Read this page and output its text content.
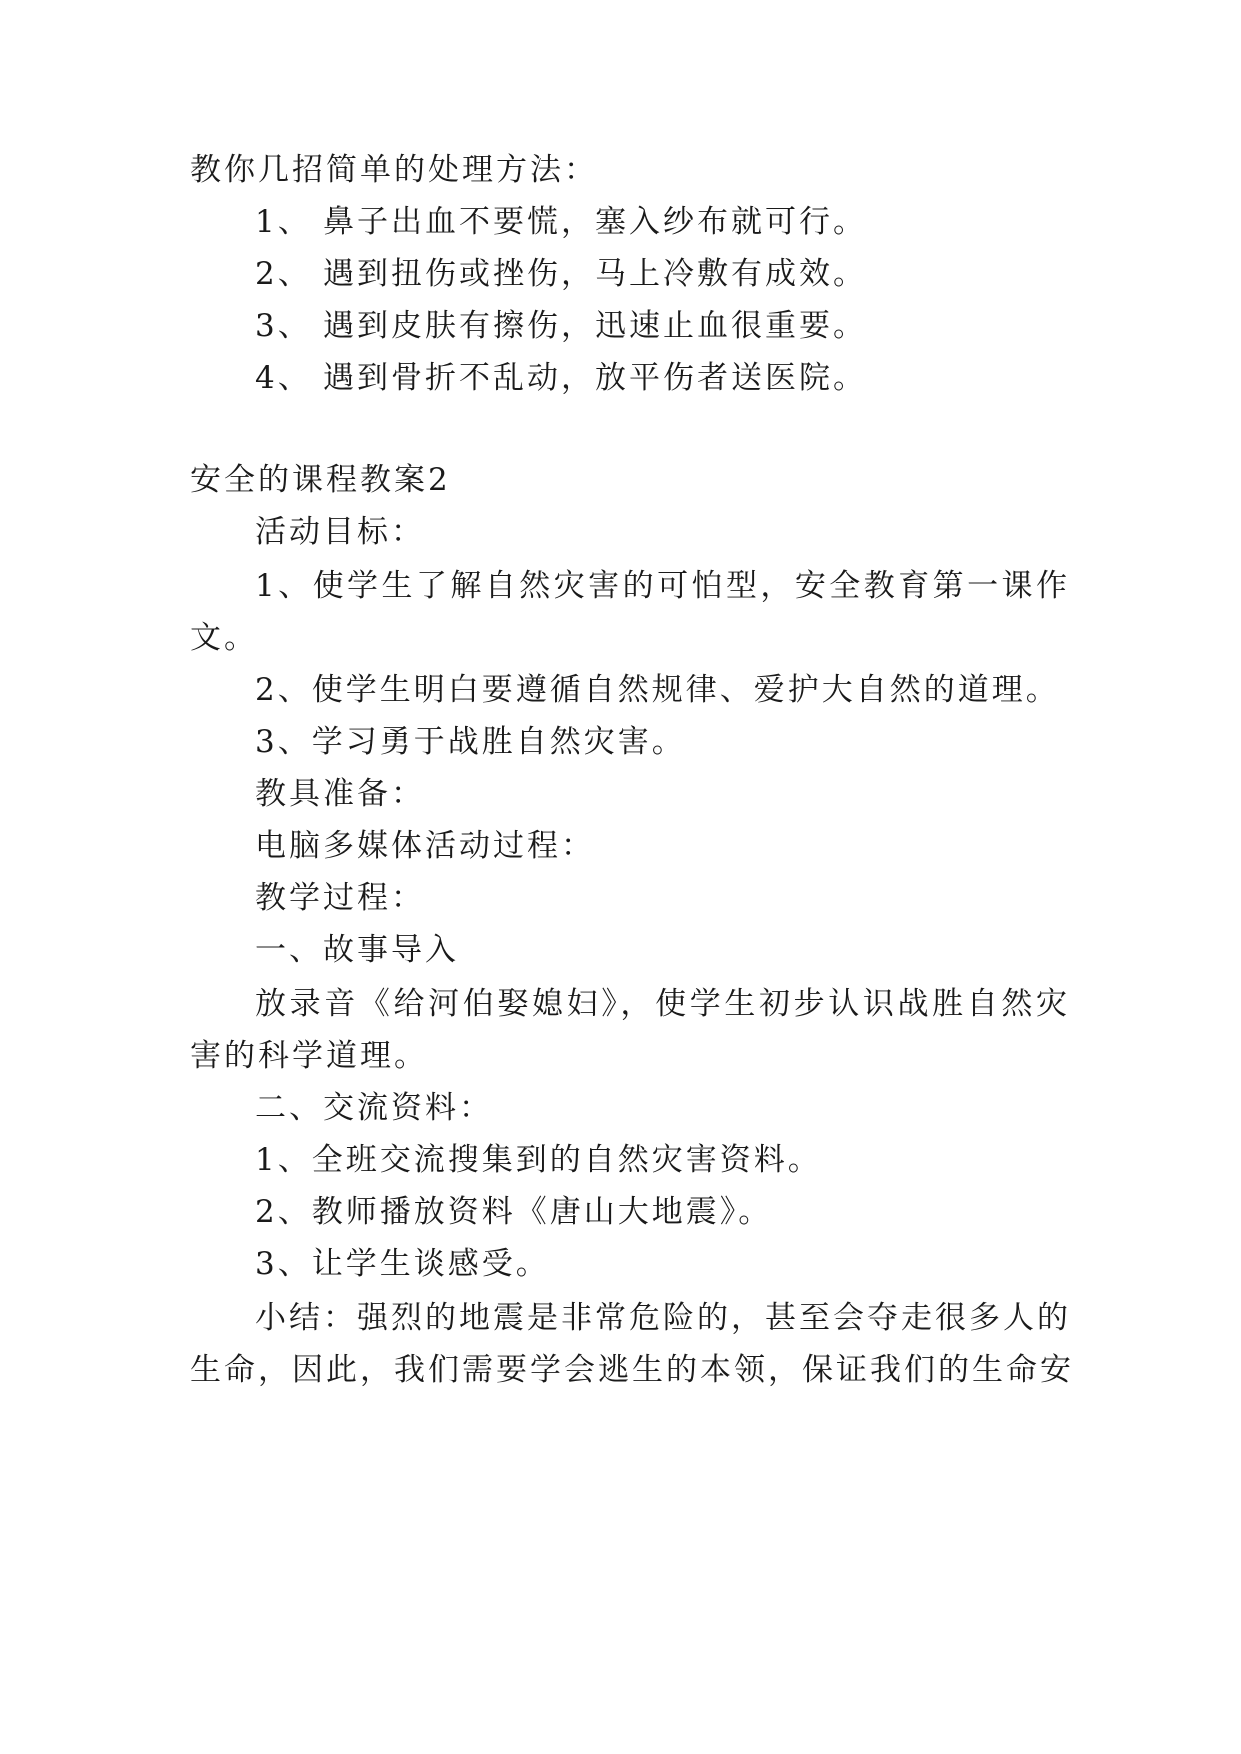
教你几招简单的处理方法：
1、 鼻子出血不要慌，塞入纱布就可行。
2、 遇到扭伤或挫伤，马上冷敷有成效。
3、 遇到皮肤有擦伤，迅速止血很重要。
4、 遇到骨折不乱动，放平伤者送医院。
安全的课程教案2
活动目标：
1、使学生了解自然灾害的可怕型，安全教育第一课作
文。
2、使学生明白要遵循自然规律、爱护大自然的道理。
3、学习勇于战胜自然灾害。
教具准备：
电脑多媒体活动过程：
教学过程：
一、故事导入
放录音《给河伯娶媳妇》，使学生初步认识战胜自然灾
害的科学道理。
二、交流资料：
1、全班交流搜集到的自然灾害资料。
2、教师播放资料《唐山大地震》。
3、让学生谈感受。
小结：强烈的地震是非常危险的，甚至会夺走很多人的
生命，因此，我们需要学会逃生的本领，保证我们的生命安
